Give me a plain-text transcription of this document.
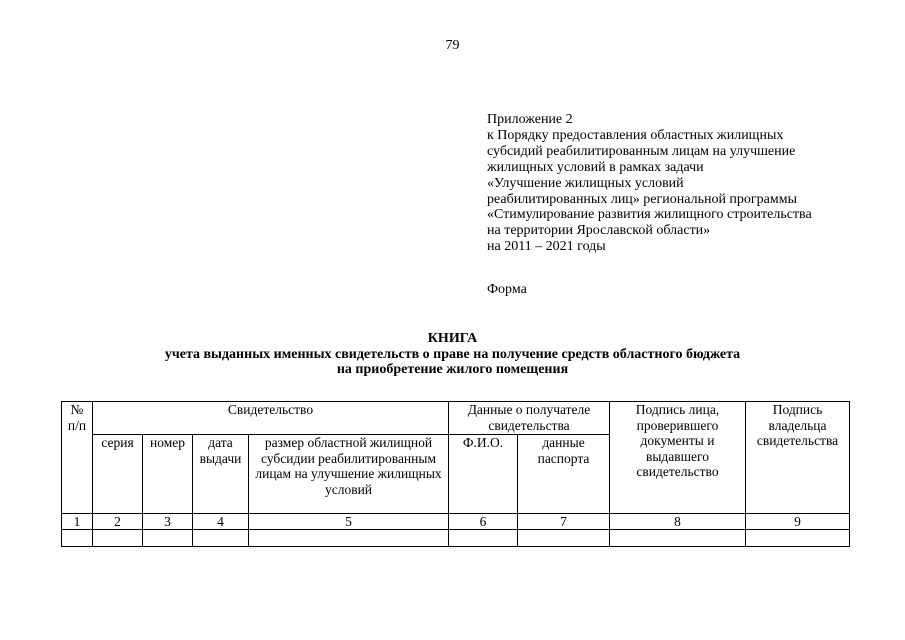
79
Приложение 2
к Порядку предоставления областных жилищных
субсидий реабилитированным лицам на улучшение
жилищных условий в рамках задачи
«Улучшение жилищных условий
реабилитированных лиц» региональной программы
«Стимулирование развития жилищного строительства
на территории Ярославской области»
на 2011 – 2021 годы
Форма
КНИГА
учета выданных именных свидетельств о праве на получение средств областного бюджета
на приобретение жилого помещения
№ п/п	Свидетельство				Данные о получателе свидетельства		Подпись лица, проверившего документы и выдавшего свидетельство	Подпись владельца свидетельства
	серия	номер	дата выдачи	размер областной жилищной субсидии реабилитированным лицам на улучшение жилищных условий	Ф.И.О.	данные паспорта		
1	2	3	4	5	6	7	8	9
